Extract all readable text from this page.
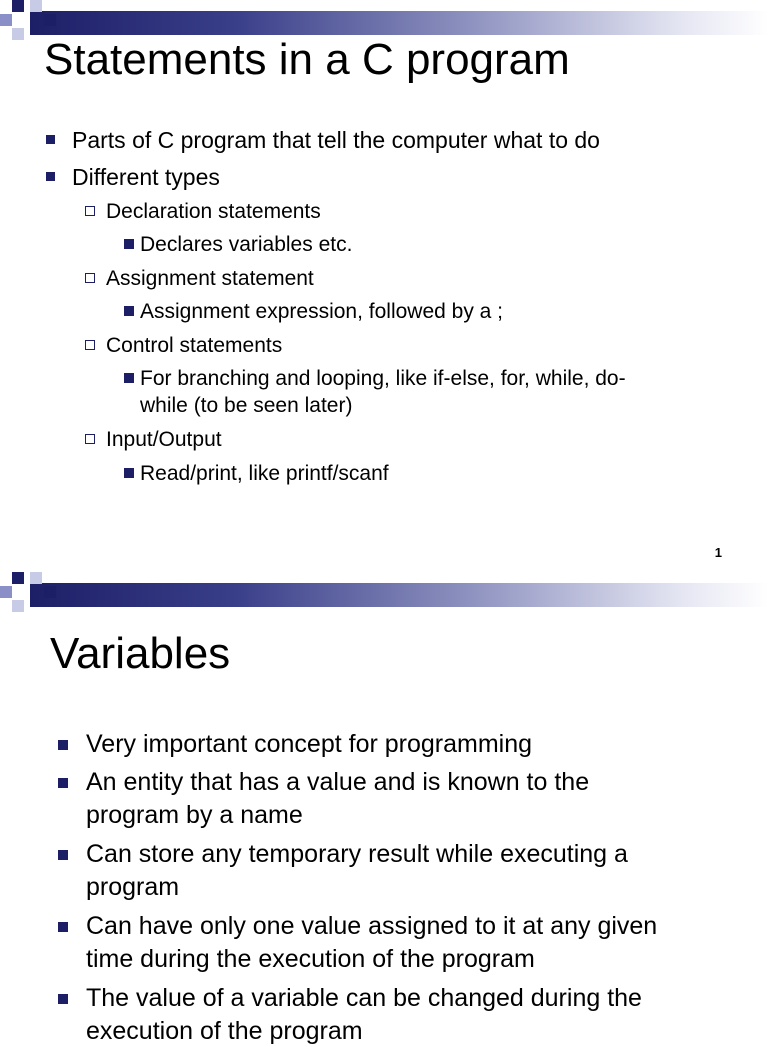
Statements in a C program
Parts of C program that tell the computer what to do
Different types
Declaration statements
Declares variables etc.
Assignment statement
Assignment expression, followed by a ;
Control statements
For branching and looping, like if-else, for, while, do-
while (to be seen later)
Input/Output
Read/print, like printf/scanf
1
Variables
Very important concept for programming
An entity that has a value and is known to the
program by a name
Can store any temporary result while executing a
program
Can have only one value assigned to it at any given
time during the execution of the program
The value of a variable can be changed during the
execution of the program
